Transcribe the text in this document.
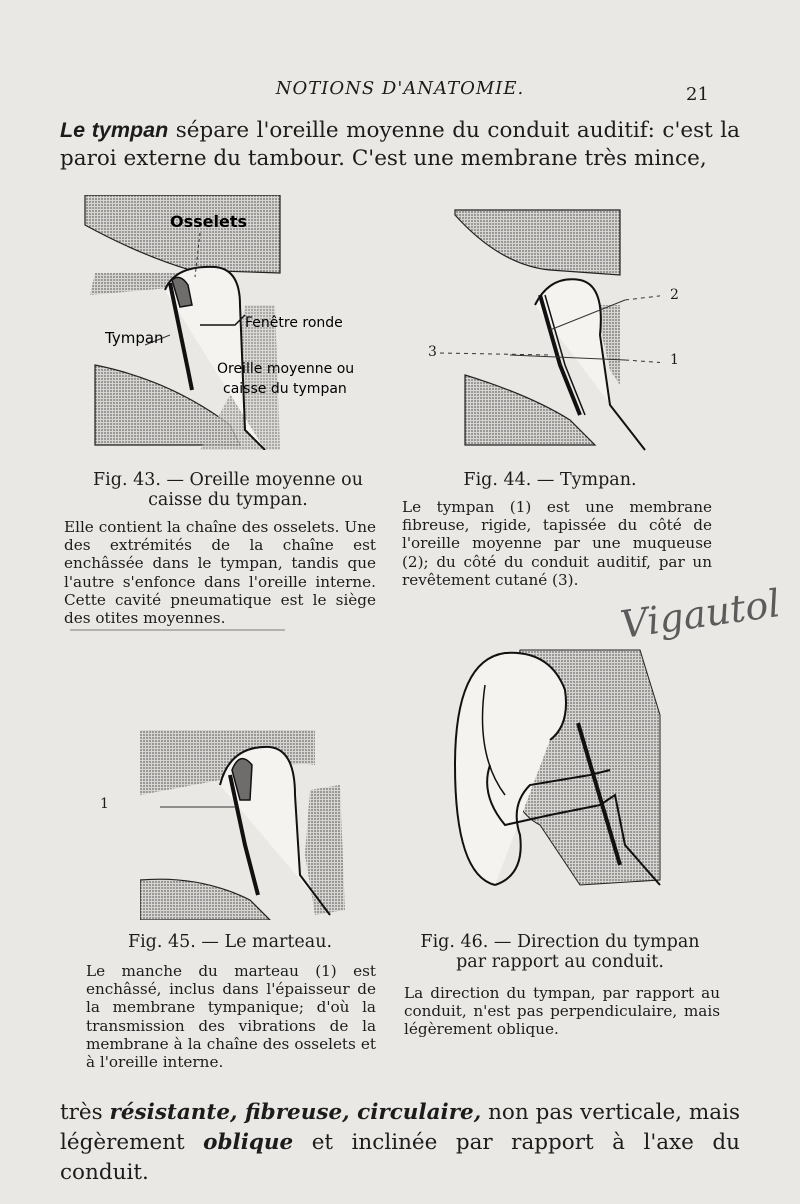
NOTIONS D'ANATOMIE.	21
Le tympan sépare l'oreille moyenne du conduit auditif: c'est la paroi externe du tambour. C'est une membrane très mince,
Osselets
Tympan
Fenêtre ronde
Oreille moyenne ou
caisse du tympan
Fig. 43. — Oreille moyenne ou caisse du tympan.
Elle contient la chaîne des osselets. Une des extrémités de la chaîne est enchâssée dans le tympan, tandis que l'autre s'enfonce dans l'oreille interne. Cette cavité pneumatique est le siège des otites moyennes.
2
1
3
Fig. 44. — Tympan.
Le tympan (1) est une membrane fibreuse, rigide, tapissée du côté de l'oreille moyenne par une muqueuse (2); du côté du conduit auditif, par un revêtement cutané (3).
Vigautol
1
Fig. 45. — Le marteau.
Le manche du marteau (1) est enchâssé, inclus dans l'épaisseur de la membrane tympanique; d'où la transmission des vibrations de la membrane à la chaîne des osselets et à l'oreille interne.
Fig. 46. — Direction du tympan par rapport au conduit.
La direction du tympan, par rapport au conduit, n'est pas perpendiculaire, mais légèrement oblique.
très résistante, fibreuse, circulaire, non pas verticale, mais légèrement oblique et inclinée par rapport à l'axe du conduit.
